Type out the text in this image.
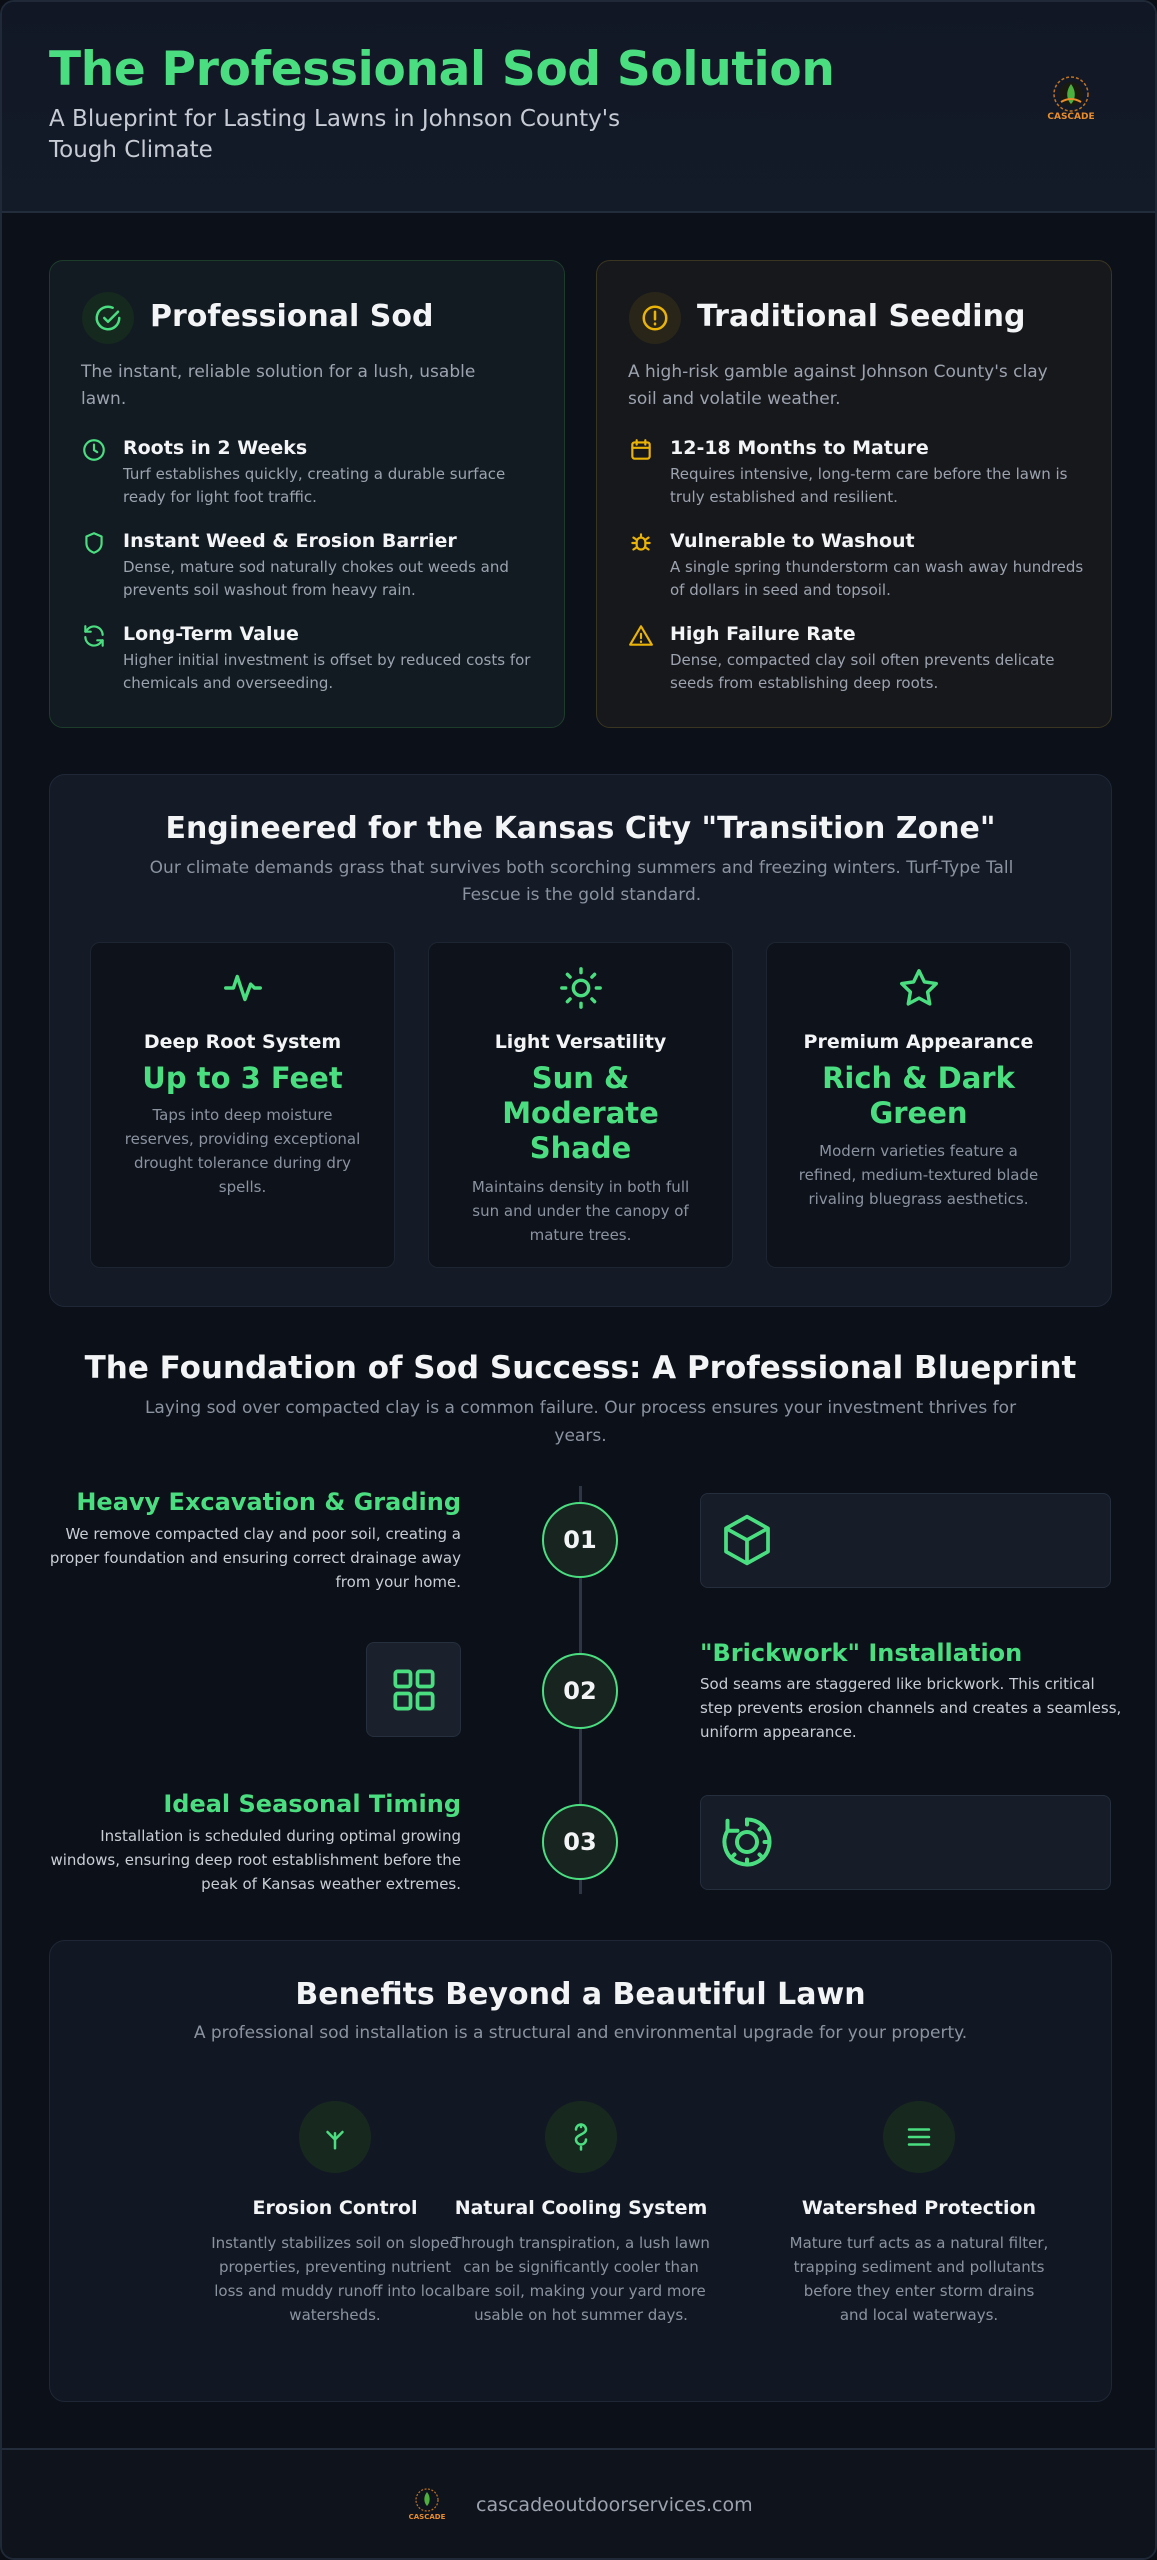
The Professional Sod Solution
A Blueprint for Lasting Lawns in Johnson County's Tough Climate
CASCADE
Professional Sod
The instant, reliable solution for a lush, usable lawn.
Roots in 2 Weeks
Turf establishes quickly, creating a durable surface ready for light foot traffic.
Instant Weed & Erosion Barrier
Dense, mature sod naturally chokes out weeds and prevents soil washout from heavy rain.
Long-Term Value
Higher initial investment is offset by reduced costs for chemicals and overseeding.
Traditional Seeding
A high-risk gamble against Johnson County's clay soil and volatile weather.
12-18 Months to Mature
Requires intensive, long-term care before the lawn is truly established and resilient.
Vulnerable to Washout
A single spring thunderstorm can wash away hundreds of dollars in seed and topsoil.
High Failure Rate
Dense, compacted clay soil often prevents delicate seeds from establishing deep roots.
Engineered for the Kansas City "Transition Zone"
Our climate demands grass that survives both scorching summers and freezing winters. Turf-Type Tall Fescue is the gold standard.
Deep Root System
Up to 3 Feet
Taps into deep moisture reserves, providing exceptional drought tolerance during dry spells.
Light Versatility
Sun & Moderate Shade
Maintains density in both full sun and under the canopy of mature trees.
Premium Appearance
Rich & Dark Green
Modern varieties feature a refined, medium-textured blade rivaling bluegrass aesthetics.
The Foundation of Sod Success: A Professional Blueprint
Laying sod over compacted clay is a common failure. Our process ensures your investment thrives for years.
Heavy Excavation & Grading
We remove compacted clay and poor soil, creating a proper foundation and ensuring correct drainage away from your home.
01
02
"Brickwork" Installation
Sod seams are staggered like brickwork. This critical step prevents erosion channels and creates a seamless, uniform appearance.
Ideal Seasonal Timing
Installation is scheduled during optimal growing windows, ensuring deep root establishment before the peak of Kansas weather extremes.
03
Benefits Beyond a Beautiful Lawn
A professional sod installation is a structural and environmental upgrade for your property.
Erosion Control
Instantly stabilizes soil on sloped properties, preventing nutrient loss and muddy runoff into local watersheds.
Natural Cooling System
Through transpiration, a lush lawn can be significantly cooler than bare soil, making your yard more usable on hot summer days.
Watershed Protection
Mature turf acts as a natural filter, trapping sediment and pollutants before they enter storm drains and local waterways.
CASCADE
cascadeoutdoorservices.com
